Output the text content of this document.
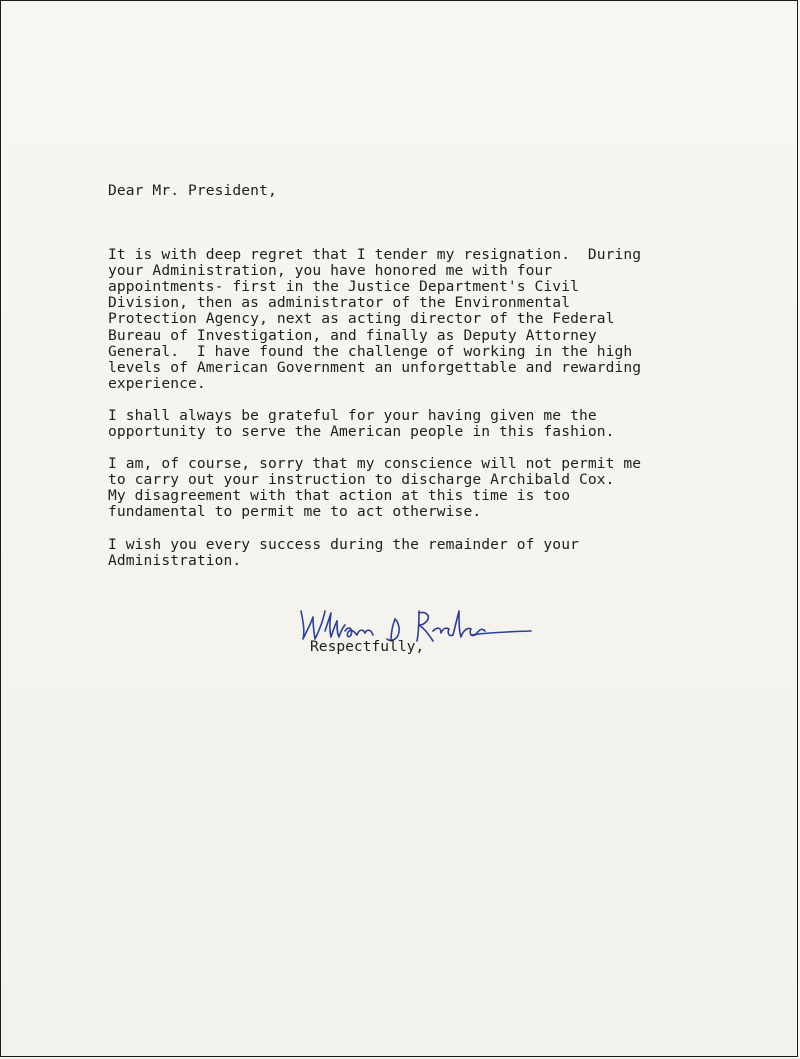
Dear Mr. President,
It is with deep regret that I tender my resignation.  During
your Administration, you have honored me with four
appointments- first in the Justice Department's Civil
Division, then as administrator of the Environmental
Protection Agency, next as acting director of the Federal
Bureau of Investigation, and finally as Deputy Attorney
General.  I have found the challenge of working in the high
levels of American Government an unforgettable and rewarding
experience.
I shall always be grateful for your having given me the
opportunity to serve the American people in this fashion.
I am, of course, sorry that my conscience will not permit me
to carry out your instruction to discharge Archibald Cox.
My disagreement with that action at this time is too
fundamental to permit me to act otherwise.
I wish you every success during the remainder of your
Administration.
Respectfully,
